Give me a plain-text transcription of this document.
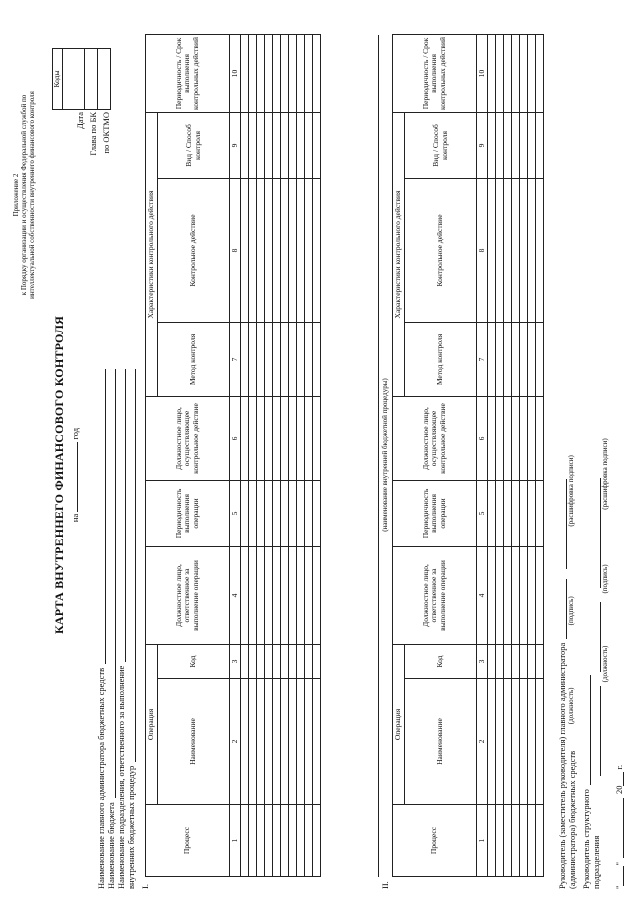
Приложение 2 к Порядку организации и осуществления Федеральной службой по интеллектуальной собственности внутреннего финансового контроля
КАРТА ВНУТРЕННЕГО ФИНАНСОВОГО КОНТРОЛЯ на  год
Коды

Дата Глава по БК по ОКТМО
Наименование главного администратора бюджетных средств Наименование бюджета Наименование подразделения, ответственного за выполнение внутренних бюджетных процедур I.
Процесс	Операция		Должностное лицо, ответственное за выполнение операции	Периодичность выполнения операции	Должностное лицо, осуществляющее контрольное действие	Характеристики контрольного действия			Периодичность / Срок выполнения контрольных действий
	Наименование	Код				Метод контроля	Контрольное действие	Вид / Способ контроля	
1	2	3	4	5	6	7	8	9	10

II.
(наименование внутренней бюджетной процедуры)
Процесс	Операция		Должностное лицо, ответственное за выполнение операции	Периодичность выполнения операции	Должностное лицо, осуществляющее контрольное действие	Характеристики контрольного действия			Периодичность / Срок выполнения контрольных действий
	Наименование	Код				Метод контроля	Контрольное действие	Вид / Способ контроля	
1	2	3	4	5	6	7	8	9	10

Руководитель (заместитель руководителя) главного администратора (администратора) бюджетных средств
(должность)
(подпись)
(расшифровка подписи)
Руководитель структурного подразделения
(должность)
(подпись)
(расшифровка подписи)
"
"
20
г.
